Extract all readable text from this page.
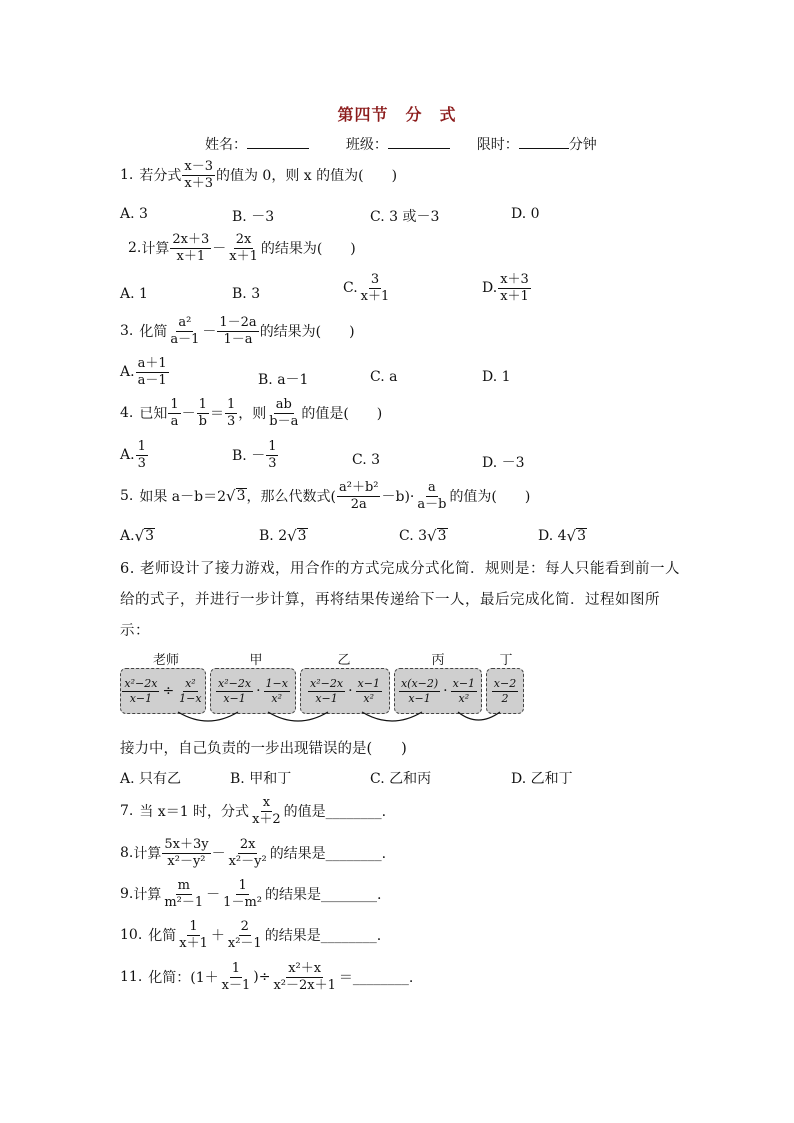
第四节　分　式
姓名：	班级：	限时：	分钟
1. 若分式
x－3
x＋3 的值为 0，则 x 的值为(　　)
A. 3	B. －3	C. 3 或－3	D. 0
2. 计算
2x＋3
x＋1 －
2x
x＋1 的结果为(　　)
A. 1	B. 3	C.
3
x＋1	D.
x＋3
x＋1
3. 化简
a²
a－1 －
1－2a
1－a 的结果为(　　)
A.
a＋1
a－1	B. a－1	C. a	D. 1
4. 已知
1
a －
1
b ＝
1
3 ，则
ab
b－a 的值是(　　)
A.
1
3	B. －
1
3	C. 3	D. －3
5. 如果 a－b＝2 √ 3 ，那么代数式(
a²＋b²
2a －b)·
a
a－b 的值为(　　)
A. √ 3	B. 2 √ 3	C. 3 √ 3	D. 4 √ 3
6. 老师设计了接力游戏，用合作的方式完成分式化简．规则是：每人只能看到前一人给的式子，并进行一步计算，再将结果传递给下一人，最后完成化简．过程如图所示：
老师	甲	乙	丙	丁
$\frac{\text{x²−2x}}{x-1} \div \frac{\text{x²}}{1-x} x^2-2x$
x−1 · 1−x
x²
x²−2x
x−1 · x−1
x²
x(x−2)
x−1 · x−1
x²
x−2
2
接力中，自己负责的一步出现错误的是(　　)
A. 只有乙	B. 甲和丁	C. 乙和丙	D. 乙和丁
7. 当 x＝1 时，分式
x
x＋2 的值是________.
8. 计算
5x＋3y
x²－y² －
2x
x²－y² 的结果是________.
9. 计算
m
m²－1 －
1
1－m² 的结果是________.
10. 化简
1
x＋1 ＋
2
x²－1 的结果是________.
11. 化简：(1＋
1
x－1 )÷ $\frac{\text{x²＋x}}{\text{x²－2x＋1}}$ ＝________.
